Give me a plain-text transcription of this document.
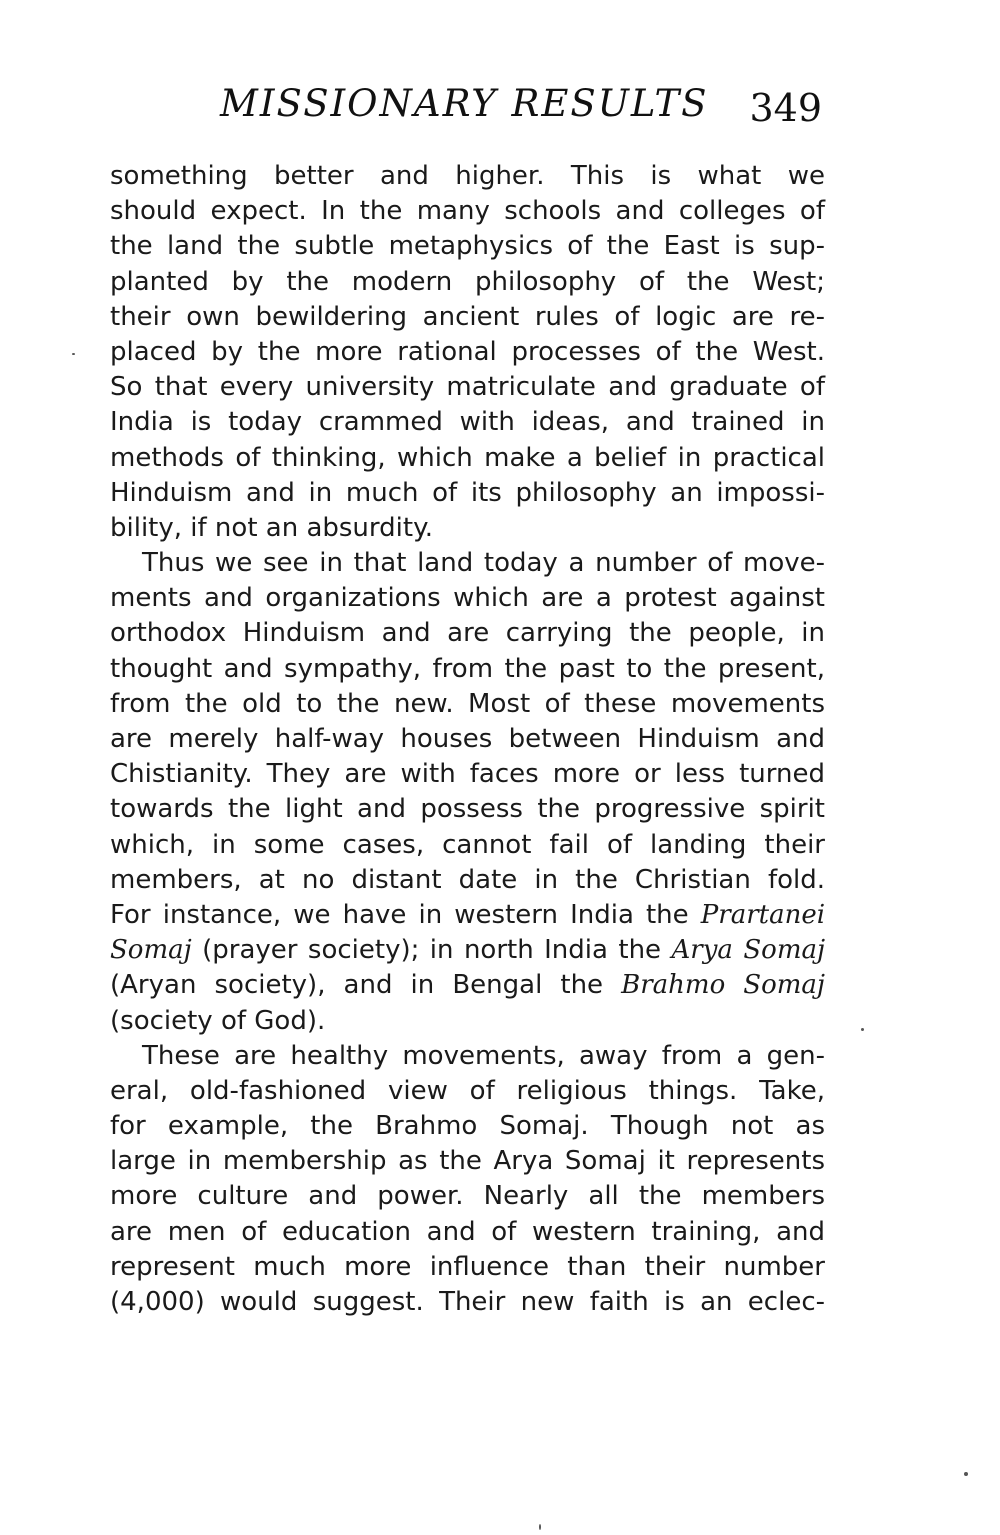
MISSIONARY RESULTS 349
something better and higher. This is what we
should expect. In the many schools and colleges of
the land the subtle metaphysics of the East is sup-
planted by the modern philosophy of the West;
their own bewildering ancient rules of logic are re-
placed by the more rational processes of the West.
So that every university matriculate and graduate of
India is today crammed with ideas, and trained in
methods of thinking, which make a belief in practical
Hinduism and in much of its philosophy an impossi-
bility, if not an absurdity.
Thus we see in that land today a number of move-
ments and organizations which are a protest against
orthodox Hinduism and are carrying the people, in
thought and sympathy, from the past to the present,
from the old to the new. Most of these movements
are merely half-way houses between Hinduism and
Chistianity. They are with faces more or less turned
towards the light and possess the progressive spirit
which, in some cases, cannot fail of landing their
members, at no distant date in the Christian fold.
For instance, we have in western India the Prartanei
Somaj (prayer society); in north India the Arya Somaj
(Aryan society), and in Bengal the Brahmo Somaj
(society of God).
These are healthy movements, away from a gen-
eral, old-fashioned view of religious things. Take,
for example, the Brahmo Somaj. Though not as
large in membership as the Arya Somaj it represents
more culture and power. Nearly all the members
are men of education and of western training, and
represent much more influence than their number
(4,000) would suggest. Their new faith is an eclec-
